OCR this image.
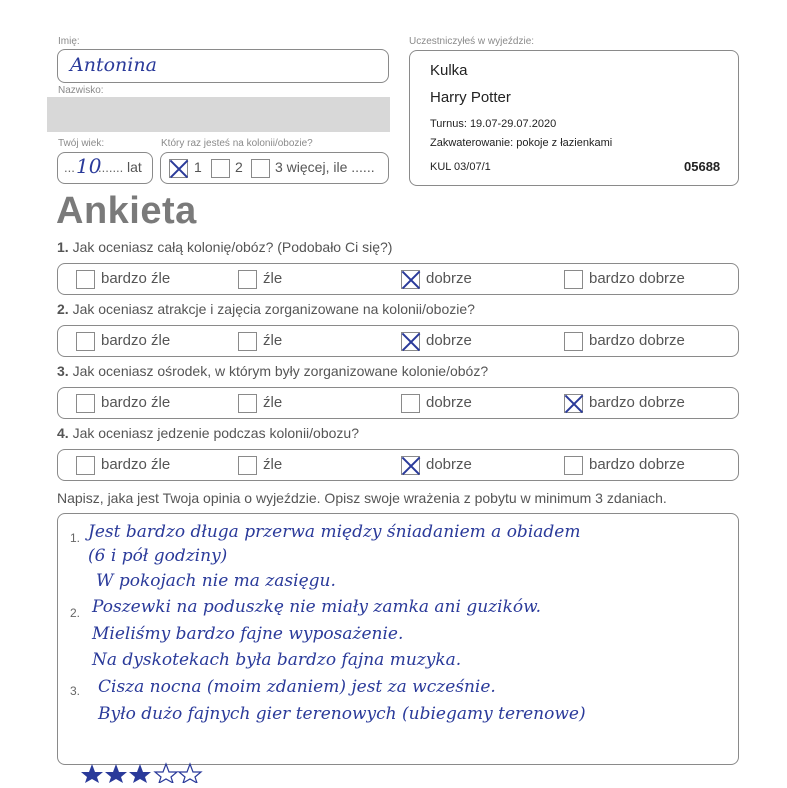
Imię:
Antonina
Nazwisko:
Twój wiek:
... 10
....... lat
Który raz jesteś na kolonii/obozie?
1 2 3 więcej, ile ......
Uczestniczyłeś w wyjeździe:
Kulka
Harry Potter
Turnus: 19.07-29.07.2020
Zakwaterowanie: pokoje z łazienkami
KUL 03/07/1	05688
Ankieta
1. Jak oceniasz całą kolonię/obóz? (Podobało Ci się?)
bardzo źle	źle	dobrze	bardzo dobrze
2. Jak oceniasz atrakcje i zajęcia zorganizowane na kolonii/obozie?
bardzo źle	źle	dobrze	bardzo dobrze
3. Jak oceniasz ośrodek, w którym były zorganizowane kolonie/obóz?
bardzo źle	źle	dobrze	bardzo dobrze
4. Jak oceniasz jedzenie podczas kolonii/obozu?
bardzo źle	źle	dobrze	bardzo dobrze
Napisz, jaka jest Twoja opinia o wyjeździe. Opisz swoje wrażenia z pobytu w minimum 3 zdaniach.
1.
2.
3.
Jest bardzo długa przerwa między śniadaniem a obiadem
(6 i pół godziny)
W pokojach nie ma zasięgu.
Poszewki na poduszkę nie miały zamka ani guzików.
Mieliśmy bardzo fajne wyposażenie.
Na dyskotekach była bardzo fajna muzyka.
Cisza nocna (moim zdaniem) jest za wcześnie.
Było dużo fajnych gier terenowych (ubiegamy terenowe)
